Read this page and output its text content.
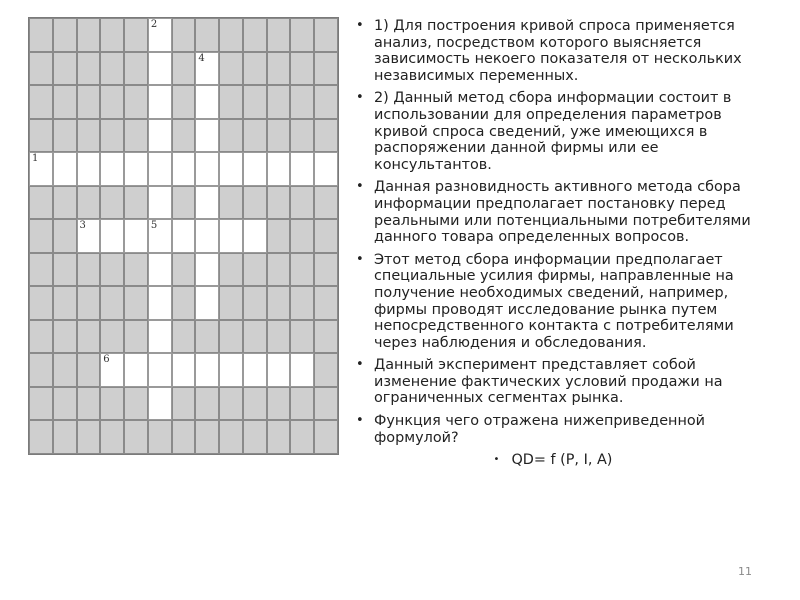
2
4
1
3	5
6
• 1) Для построения кривой спроса применяется анализ, посредством которого выясняется зависимость некоего показателя от нескольких независимых переменных.
• 2) Данный метод сбора информации состоит в использовании для определения параметров кривой спроса сведений, уже имеющихся в распоряжении данной фирмы или ее консультантов.
• Данная разновидность активного метода сбора информации предполагает постановку перед реальными или потенциальными потребителями данного товара определенных вопросов.
• Этот метод сбора информации предполагает специальные усилия фирмы, направленные на получение необходимых сведений, например, фирмы проводят исследование рынка путем непосредственного контакта с потребителями через наблюдения и обследования.
• Данный эксперимент представляет собой изменение фактических условий продажи на ограниченных сегментах рынка.
• Функция чего отражена нижеприведенной формулой?
• QD= f (P, I, A)
11
